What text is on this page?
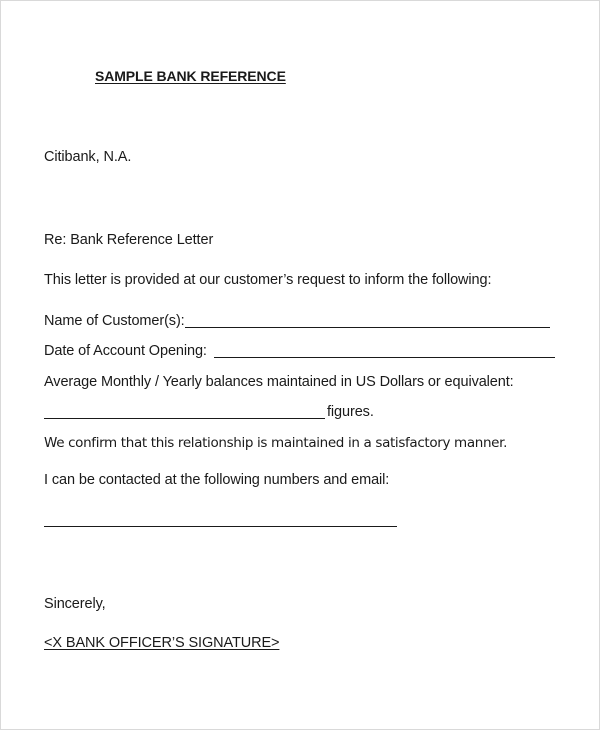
SAMPLE BANK REFERENCE
Citibank, N.A.
Re: Bank Reference Letter
This letter is provided at our customer’s request to inform the following:
Name of Customer(s):
Date of Account Opening:
Average Monthly / Yearly balances maintained in US Dollars or equivalent:
figures.
We confirm that this relationship is maintained in a satisfactory manner.
I can be contacted at the following numbers and email:
Sincerely,
<X BANK OFFICER’S SIGNATURE>
